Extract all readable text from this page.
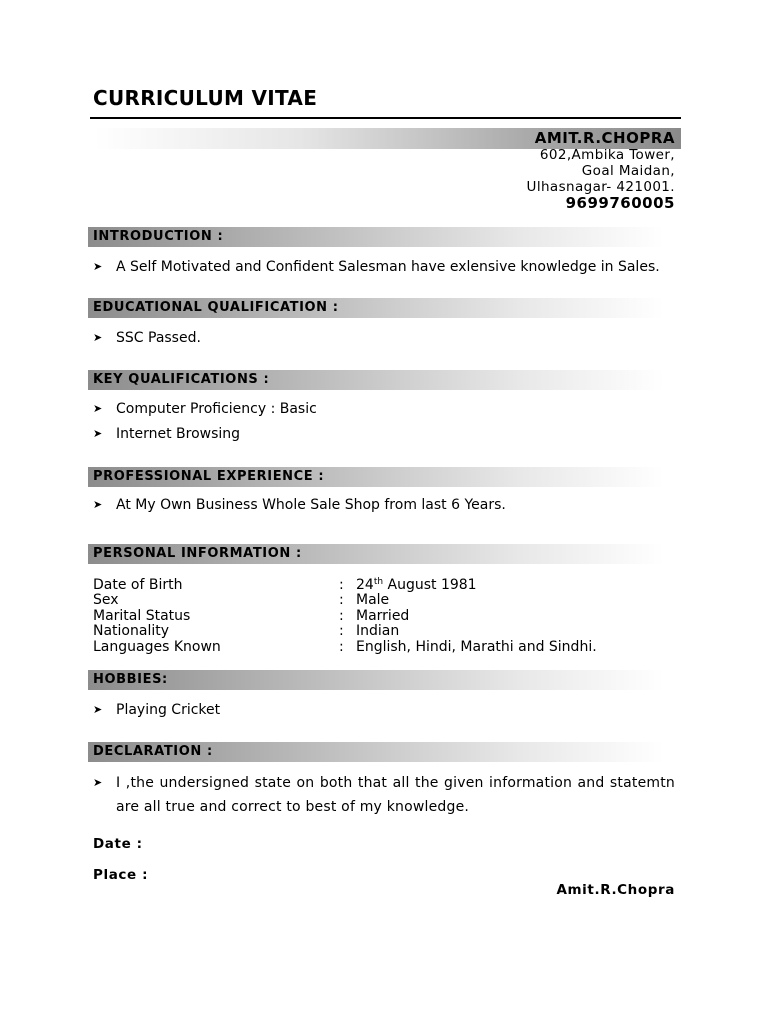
CURRICULUM VITAE
AMIT.R.CHOPRA
602,Ambika Tower,
Goal Maidan,
Ulhasnagar- 421001.
9699760005
INTRODUCTION :
➤ A Self Motivated and Confident Salesman have exlensive knowledge in Sales.
EDUCATIONAL QUALIFICATION :
➤ SSC Passed.
KEY QUALIFICATIONS :
➤ Computer Proficiency : Basic
➤ Internet Browsing
PROFESSIONAL EXPERIENCE :
➤ At My Own Business Whole Sale Shop from last 6 Years.
PERSONAL INFORMATION :
Date of Birth	: 24th August 1981
Sex	: Male
Marital Status	: Married
Nationality	: Indian
Languages Known	: English, Hindi, Marathi and Sindhi.
HOBBIES:
➤ Playing Cricket
DECLARATION :
➤ I ,the undersigned state on both that all the given information and statemtn are all true and correct to best of my knowledge.
Date :
Place :
Amit.R.Chopra
